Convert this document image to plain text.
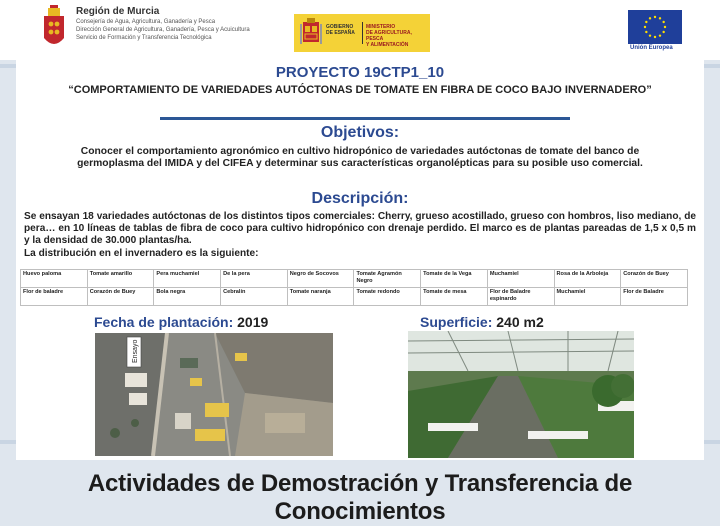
Región de Murcia
Consejería de Agua, Agricultura, Ganadería y Pesca
Dirección General de Agricultura, Ganadería, Pesca y Acuicultura
Servicio de Formación y Transferencia Tecnológica
GOBIERNO
DE ESPAÑA
MINISTERIO
DE AGRICULTURA, PESCA
Y ALIMENTACIÓN	Unión Europea
PROYECTO 19CTP1_10
“COMPORTAMIENTO DE VARIEDADES AUTÓCTONAS DE TOMATE EN FIBRA DE COCO BAJO INVERNADERO”
Objetivos:
Conocer el comportamiento agronómico en cultivo hidropónico de variedades autóctonas de tomate del banco de germoplasma del IMIDA y del CIFEA y determinar sus características organolépticas para su posible uso comercial.
Descripción:
Se ensayan 18 variedades autóctonas de los distintos tipos comerciales: Cherry, grueso acostillado, grueso con hombros, liso mediano, de pera… en 10 líneas de tablas de fibra de coco para cultivo hidropónico con drenaje perdido. El marco es de plantas pareadas de 1,5 x 0,5 m y la densidad de 30.000 plantas/ha.
La distribución en el invernadero es la siguiente:
Huevo paloma	Tomate amarillo	Pera muchamiel	De la pera	Negro de Socovos	Tomate Agramón Negro	Tomate de la Vega	Muchamiel	Rosa de la Arboleja	Corazón de Buey
Flor de baladre	Corazón de Buey	Bola negra	Cebralín	Tomate naranja	Tomate redondo	Tomate de mesa	Flor de Baladre espinardo	Muchamiel	Flor de Baladre
Fecha de plantación: 2019	Superficie: 240 m2
Ensayo
Actividades de Demostración y Transferencia de Conocimientos
